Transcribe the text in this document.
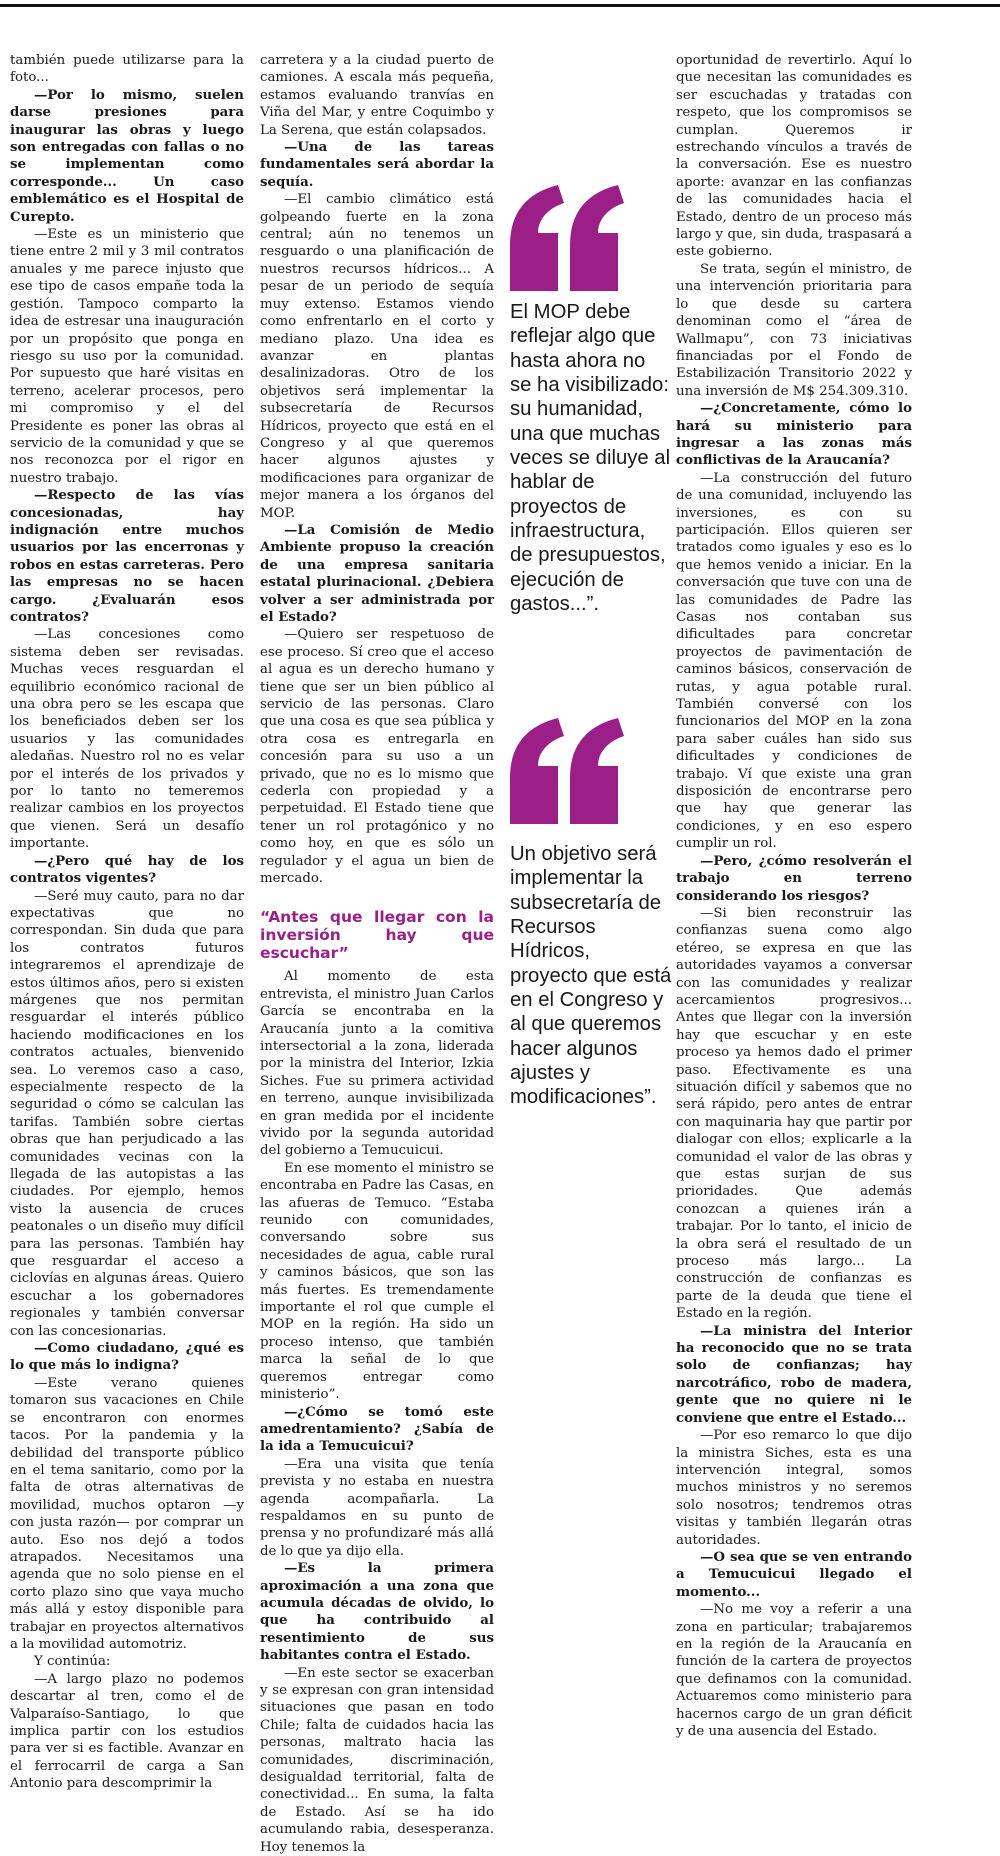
también puede utilizarse para la foto...

—Por lo mismo, suelen darse presiones para inaugurar las obras y luego son entregadas con fallas o no se implementan como corresponde... Un caso emblemático es el Hospital de Curepto.

—Este es un ministerio que tiene entre 2 mil y 3 mil contratos anuales y me parece injusto que ese tipo de casos empañe toda la gestión. Tampoco comparto la idea de estresar una inauguración por un propósito que ponga en riesgo su uso por la comunidad. Por supuesto que haré visitas en terreno, acelerar procesos, pero mi compromiso y el del Presidente es poner las obras al servicio de la comunidad y que se nos reconozca por el rigor en nuestro trabajo.

—Respecto de las vías concesionadas, hay indignación entre muchos usuarios por las encerronas y robos en estas carreteras. Pero las empresas no se hacen cargo. ¿Evaluarán esos contratos?

—Las concesiones como sistema deben ser revisadas. Muchas veces resguardan el equilibrio económico racional de una obra pero se les escapa que los beneficiados deben ser los usuarios y las comunidades aledañas. Nuestro rol no es velar por el interés de los privados y por lo tanto no temeremos realizar cambios en los proyectos que vienen. Será un desafío importante.

—¿Pero qué hay de los contratos vigentes?

—Seré muy cauto, para no dar expectativas que no correspondan. Sin duda que para los contratos futuros integraremos el aprendizaje de estos últimos años, pero si existen márgenes que nos permitan resguardar el interés público haciendo modificaciones en los contratos actuales, bienvenido sea. Lo veremos caso a caso, especialmente respecto de la seguridad o cómo se calculan las tarifas. También sobre ciertas obras que han perjudicado a las comunidades vecinas con la llegada de las autopistas a las ciudades. Por ejemplo, hemos visto la ausencia de cruces peatonales o un diseño muy difícil para las personas. También hay que resguardar el acceso a ciclovías en algunas áreas. Quiero escuchar a los gobernadores regionales y también conversar con las concesionarias.

—Como ciudadano, ¿qué es lo que más lo indigna?

—Este verano quienes tomaron sus vacaciones en Chile se encontraron con enormes tacos. Por la pandemia y la debilidad del transporte público en el tema sanitario, como por la falta de otras alternativas de movilidad, muchos optaron —y con justa razón— por comprar un auto. Eso nos dejó a todos atrapados. Necesitamos una agenda que no solo piense en el corto plazo sino que vaya mucho más allá y estoy disponible para trabajar en proyectos alternativos a la movilidad automotriz.

Y continúa:

—A largo plazo no podemos descartar al tren, como el de Valparaíso-Santiago, lo que implica partir con los estudios para ver si es factible. Avanzar en el ferrocarril de carga a San Antonio para descomprimir la

carretera y a la ciudad puerto de camiones. A escala más pequeña, estamos evaluando tranvías en Viña del Mar, y entre Coquimbo y La Serena, que están colapsados.

—Una de las tareas fundamentales será abordar la sequía.

—El cambio climático está golpeando fuerte en la zona central; aún no tenemos un resguardo o una planificación de nuestros recursos hídricos... A pesar de un periodo de sequía muy extenso. Estamos viendo como enfrentarlo en el corto y mediano plazo. Una idea es avanzar en plantas desalinizadoras. Otro de los objetivos será implementar la subsecretaría de Recursos Hídricos, proyecto que está en el Congreso y al que queremos hacer algunos ajustes y modificaciones para organizar de mejor manera a los órganos del MOP.

—La Comisión de Medio Ambiente propuso la creación de una empresa sanitaria estatal plurinacional. ¿Debiera volver a ser administrada por el Estado?

—Quiero ser respetuoso de ese proceso. Sí creo que el acceso al agua es un derecho humano y tiene que ser un bien público al servicio de las personas. Claro que una cosa es que sea pública y otra cosa es entregarla en concesión para su uso a un privado, que no es lo mismo que cederla con propiedad y a perpetuidad. El Estado tiene que tener un rol protagónico y no como hoy, en que es sólo un regulador y el agua un bien de mercado.

“Antes que llegar con la inversión hay que escuchar”

Al momento de esta entrevista, el ministro Juan Carlos García se encontraba en la Araucanía junto a la comitiva intersectorial a la zona, liderada por la ministra del Interior, Izkia Siches. Fue su primera actividad en terreno, aunque invisibilizada en gran medida por el incidente vivido por la segunda autoridad del gobierno a Temucuicui.

En ese momento el ministro se encontraba en Padre las Casas, en las afueras de Temuco. “Estaba reunido con comunidades, conversando sobre sus necesidades de agua, cable rural y caminos básicos, que son las más fuertes. Es tremendamente importante el rol que cumple el MOP en la región. Ha sido un proceso intenso, que también marca la señal de lo que queremos entregar como ministerio”.

—¿Cómo se tomó este amedrentamiento? ¿Sabía de la ida a Temucuicui?

—Era una visita que tenía prevista y no estaba en nuestra agenda acompañarla. La respaldamos en su punto de prensa y no profundizaré más allá de lo que ya dijo ella.

—Es la primera aproximación a una zona que acumula décadas de olvido, lo que ha contribuido al resentimiento de sus habitantes contra el Estado.

—En este sector se exacerban y se expresan con gran intensidad situaciones que pasan en todo Chile; falta de cuidados hacia las personas, maltrato hacia las comunidades, discriminación, desigualdad territorial, falta de conectividad... En suma, la falta de Estado. Así se ha ido acumulando rabia, desesperanza. Hoy tenemos la

oportunidad de revertirlo. Aquí lo que necesitan las comunidades es ser escuchadas y tratadas con respeto, que los compromisos se cumplan. Queremos ir estrechando vínculos a través de la conversación. Ese es nuestro aporte: avanzar en las confianzas de las comunidades hacia el Estado, dentro de un proceso más largo y que, sin duda, traspasará a este gobierno.

Se trata, según el ministro, de una intervención prioritaria para lo que desde su cartera denominan como el “área de Wallmapu”, con 73 iniciativas financiadas por el Fondo de Estabilización Transitorio 2022 y una inversión de M$ 254.309.310.

—¿Concretamente, cómo lo hará su ministerio para ingresar a las zonas más conflictivas de la Araucanía?

—La construcción del futuro de una comunidad, incluyendo las inversiones, es con su participación. Ellos quieren ser tratados como iguales y eso es lo que hemos venido a iniciar. En la conversación que tuve con una de las comunidades de Padre las Casas nos contaban sus dificultades para concretar proyectos de pavimentación de caminos básicos, conservación de rutas, y agua potable rural. También conversé con los funcionarios del MOP en la zona para saber cuáles han sido sus dificultades y condiciones de trabajo. Ví que existe una gran disposición de encontrarse pero que hay que generar las condiciones, y en eso espero cumplir un rol.

—Pero, ¿cómo resolverán el trabajo en terreno considerando los riesgos?

—Si bien reconstruir las confianzas suena como algo etéreo, se expresa en que las autoridades vayamos a conversar con las comunidades y realizar acercamientos progresivos... Antes que llegar con la inversión hay que escuchar y en este proceso ya hemos dado el primer paso. Efectivamente es una situación difícil y sabemos que no será rápido, pero antes de entrar con maquinaria hay que partir por dialogar con ellos; explicarle a la comunidad el valor de las obras y que estas surjan de sus prioridades. Que además conozcan a quienes irán a trabajar. Por lo tanto, el inicio de la obra será el resultado de un proceso más largo... La construcción de confianzas es parte de la deuda que tiene el Estado en la región.

—La ministra del Interior ha reconocido que no se trata solo de confianzas; hay narcotráfico, robo de madera, gente que no quiere ni le conviene que entre el Estado...

—Por eso remarco lo que dijo la ministra Siches, esta es una intervención integral, somos muchos ministros y no seremos solo nosotros; tendremos otras visitas y también llegarán otras autoridades.

—O sea que se ven entrando a Temucuicui llegado el momento...

—No me voy a referir a una zona en particular; trabajaremos en la región de la Araucanía en función de la cartera de proyectos que definamos con la comunidad. Actuaremos como ministerio para hacernos cargo de un gran déficit y de una ausencia del Estado.

El MOP debe reflejar algo que hasta ahora no se ha visibilizado: su humanidad, una que muchas veces se diluye al hablar de proyectos de infraestructura, de presupuestos, ejecución de gastos...”.

Un objetivo será implementar la subsecretaría de Recursos Hídricos, proyecto que está en el Congreso y al que queremos hacer algunos ajustes y modificaciones”.
